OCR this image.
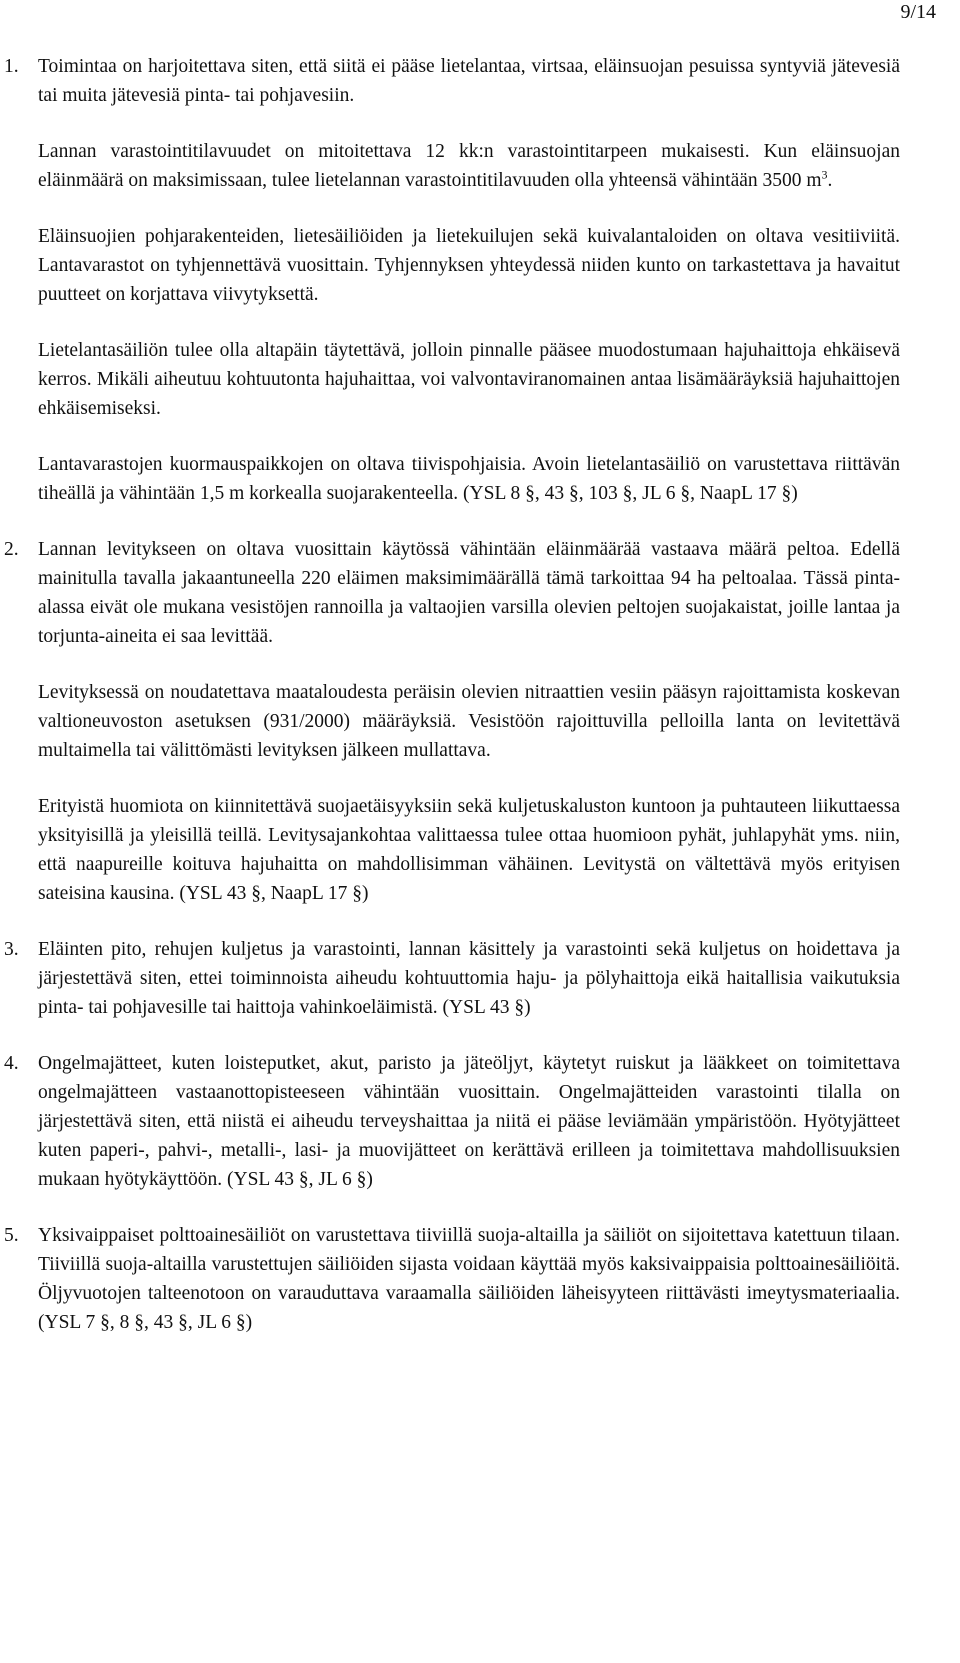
9/14
1. Toimintaa on harjoitettava siten, että siitä ei pääse lietelantaa, virtsaa, eläinsuojan pesuissa syntyviä jätevesiä tai muita jätevesiä pinta- tai pohjavesiin.

Lannan varastointitilavuudet on mitoitettava 12 kk:n varastointitarpeen mukaisesti. Kun eläinsuojan eläinmäärä on maksimissaan, tulee lietelannan varastointitilavuuden olla yhteensä vähintään 3500 $m^3$.

Eläinsuojien pohjarakenteiden, lietesäiliöiden ja lietekuilujen sekä kuivalantaloiden on oltava vesitiiviitä. Lantavarastot on tyhjennettävä vuosittain. Tyhjennyksen yhteydessä niiden kunto on tarkastettava ja havaitut puutteet on korjattava viivytyksettä.

Lietelantasäiliön tulee olla altapäin täytettävä, jolloin pinnalle pääsee muodostumaan hajuhaittoja ehkäisevä kerros. Mikäli aiheutuu kohtuutonta hajuhaittaa, voi valvontaviranomainen antaa lisämääräyksiä hajuhaittojen ehkäisemiseksi.

Lantavarastojen kuormauspaikkojen on oltava tiivispohjaisia. Avoin lietelantasäiliö on varustettava riittävän tiheällä ja vähintään 1,5 m korkealla suojarakenteella. (YSL 8 §, 43 §, 103 §, JL 6 §, NaapL 17 §)

2. Lannan levitykseen on oltava vuosittain käytössä vähintään eläinmäärää vastaava määrä peltoa. Edellä mainitulla tavalla jakaantuneella 220 eläimen maksimimäärällä tämä tarkoittaa 94 ha peltoalaa. Tässä pinta-alassa eivät ole mukana vesistöjen rannoilla ja valtaojien varsilla olevien peltojen suojakaistat, joille lantaa ja torjunta-aineita ei saa levittää.

Levityksessä on noudatettava maataloudesta peräisin olevien nitraattien vesiin pääsyn rajoittamista koskevan valtioneuvoston asetuksen (931/2000) määräyksiä. Vesistöön rajoittuvilla pelloilla lanta on levitettävä multaimella tai välittömästi levityksen jälkeen mullattava.

Erityistä huomiota on kiinnitettävä suojaetäisyyksiin sekä kuljetuskaluston kuntoon ja puhtauteen liikuttaessa yksityisillä ja yleisillä teillä. Levitysajankohtaa valittaessa tulee ottaa huomioon pyhät, juhlapyhät yms. niin, että naapureille koituva hajuhaitta on mahdollisimman vähäinen. Levitystä on vältettävä myös erityisen sateisina kausina. (YSL 43 §, NaapL 17 §)

3. Eläinten pito, rehujen kuljetus ja varastointi, lannan käsittely ja varastointi sekä kuljetus on hoidettava ja järjestettävä siten, ettei toiminnoista aiheudu kohtuuttomia haju- ja pölyhaittoja eikä haitallisia vaikutuksia pinta- tai pohjavesille tai haittoja vahinkoeläimistä. (YSL 43 §)

4. Ongelmajätteet, kuten loisteputket, akut, paristo ja jäteöljyt, käytetyt ruiskut ja lääkkeet on toimitettava ongelmajätteen vastaanottopisteeseen vähintään vuosittain. Ongelmajätteiden varastointi tilalla on järjestettävä siten, että niistä ei aiheudu terveyshaittaa ja niitä ei pääse leviämään ympäristöön. Hyötyjätteet kuten paperi-, pahvi-, metalli-, lasi- ja muovijätteet on kerättävä erilleen ja toimitettava mahdollisuuksien mukaan hyötykäyttöön. (YSL 43 §, JL 6 §)

5. Yksivaippaiset polttoainesäiliöt on varustettava tiiviillä suoja-altailla ja säiliöt on sijoitettava katettuun tilaan. Tiiviillä suoja-altailla varustettujen säiliöiden sijasta voidaan käyttää myös kaksivaippaisia polttoainesäiliöitä. Öljyvuotojen talteenotoon on varauduttava varaamalla säiliöiden läheisyyteen riittävästi imeytysmateriaalia. (YSL 7 §, 8 §, 43 §, JL 6 §)
